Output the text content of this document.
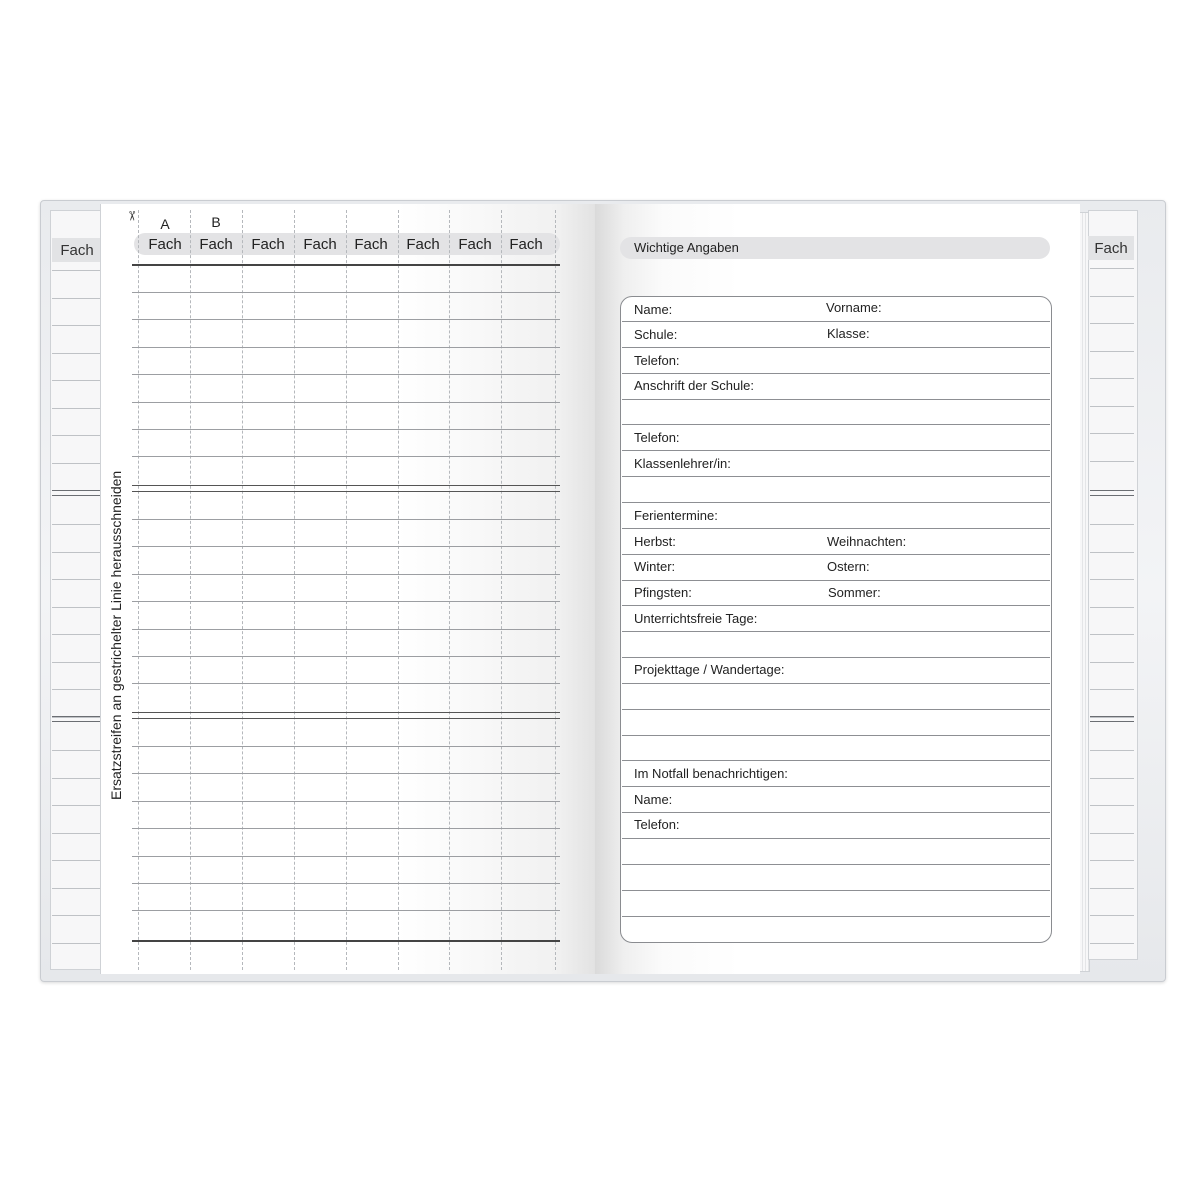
Fach	Fach
✂	A	B
Fach	Fach	Fach	Fach	Fach	Fach	Fach	Fach
Ersatzstreifen an gestrichelter Linie herausschneiden
Wichtige Angaben
Name:	Vorname:
Schule:	Klasse:
Telefon:
Anschrift der Schule:
Telefon:
Klassenlehrer/in:
Ferientermine:
Herbst:	Weihnachten:
Winter:	Ostern:
Pfingsten:	Sommer:
Unterrichtsfreie Tage:
Projekttage / Wandertage:
Im Notfall benachrichtigen:
Name:
Telefon:
